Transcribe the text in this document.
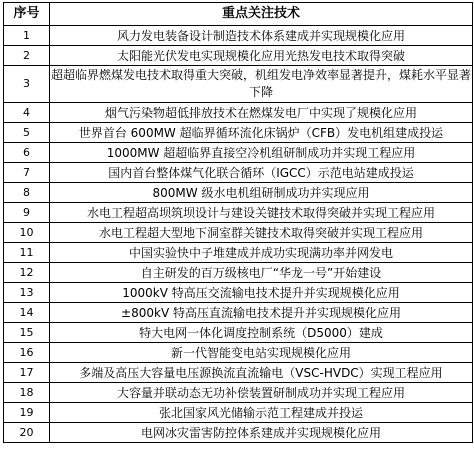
序号	重点关注技术
1	风力发电装备设计制造技术体系建成并实现规模化应用
2	太阳能光伏发电实现规模化应用光热发电技术取得突破
3	超超临界燃煤发电技术取得重大突破，机组发电净效率显著提升，煤耗水平显著下降
4	烟气污染物超低排放技术在燃煤发电厂中实现了规模化应用
5	世界首台 600MW 超临界循环流化床锅炉（CFB）发电机组建成投运
6	1000MW 超超临界直接空冷机组研制成功并实现工程应用
7	国内首台整体煤气化联合循环（IGCC）示范电站建成投运
8	800MW 级水电机组研制成功并实现应用
9	水电工程超高坝筑坝设计与建设关键技术取得突破并实现工程应用
10	水电工程超大型地下洞室群关键技术取得突破并实现工程应用
11	中国实验快中子堆建成并成功实现满功率并网发电
12	自主研发的百万级核电厂“华龙一号”开始建设
13	1000kV 特高压交流输电技术提升并实现规模化应用
14	±800kV 特高压直流输电技术提升并实现规模化应用
15	特大电网一体化调度控制系统（D5000）建成
16	新一代智能变电站实现规模化应用
17	多端及高压大容量电压源换流直流输电（VSC-HVDC）实现工程应用
18	大容量并联动态无功补偿装置研制成功并实现工程应用
19	张北国家风光储输示范工程建成并投运
20	电网冰灾雷害防控体系建成并实现规模化应用
